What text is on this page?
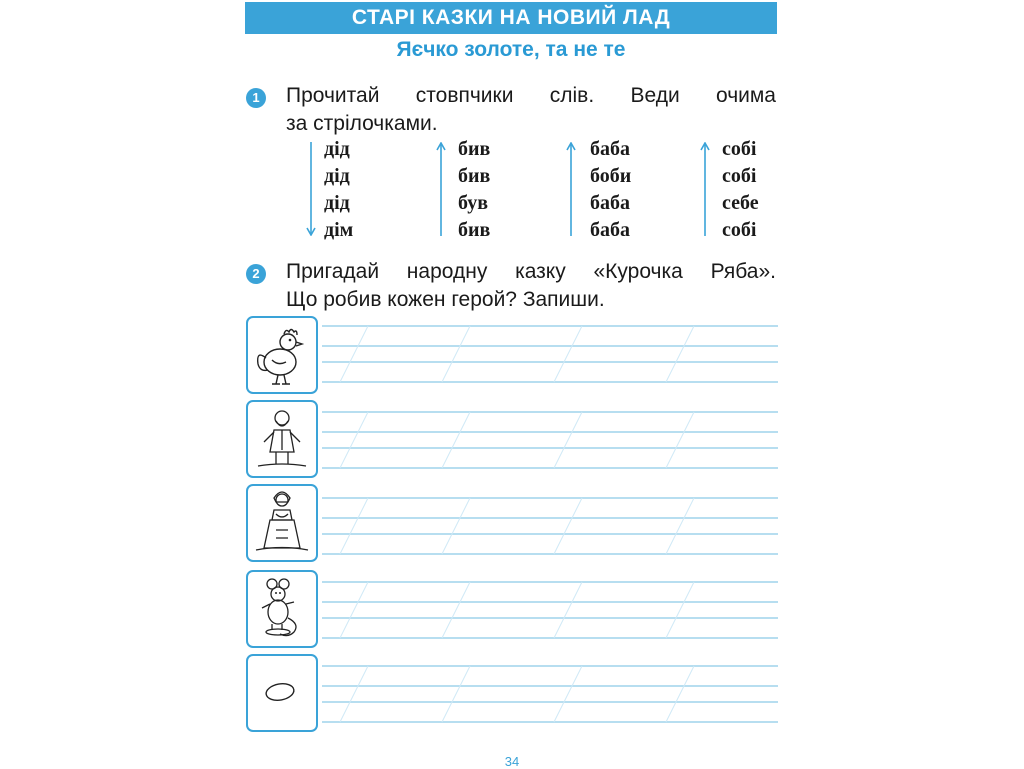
СТАРІ КАЗКИ НА НОВИЙ ЛАД
Яєчко золоте, та не те
1	Прочитай стовпчики слів. Веди очима
за стрілочками.
дід
дід
дід
дім
бив
бив
був
бив
баба
боби
баба
баба
собі
собі
себе
собі
2	Пригадай народну казку «Курочка Ряба».
Що робив кожен герой? Запиши.
34
